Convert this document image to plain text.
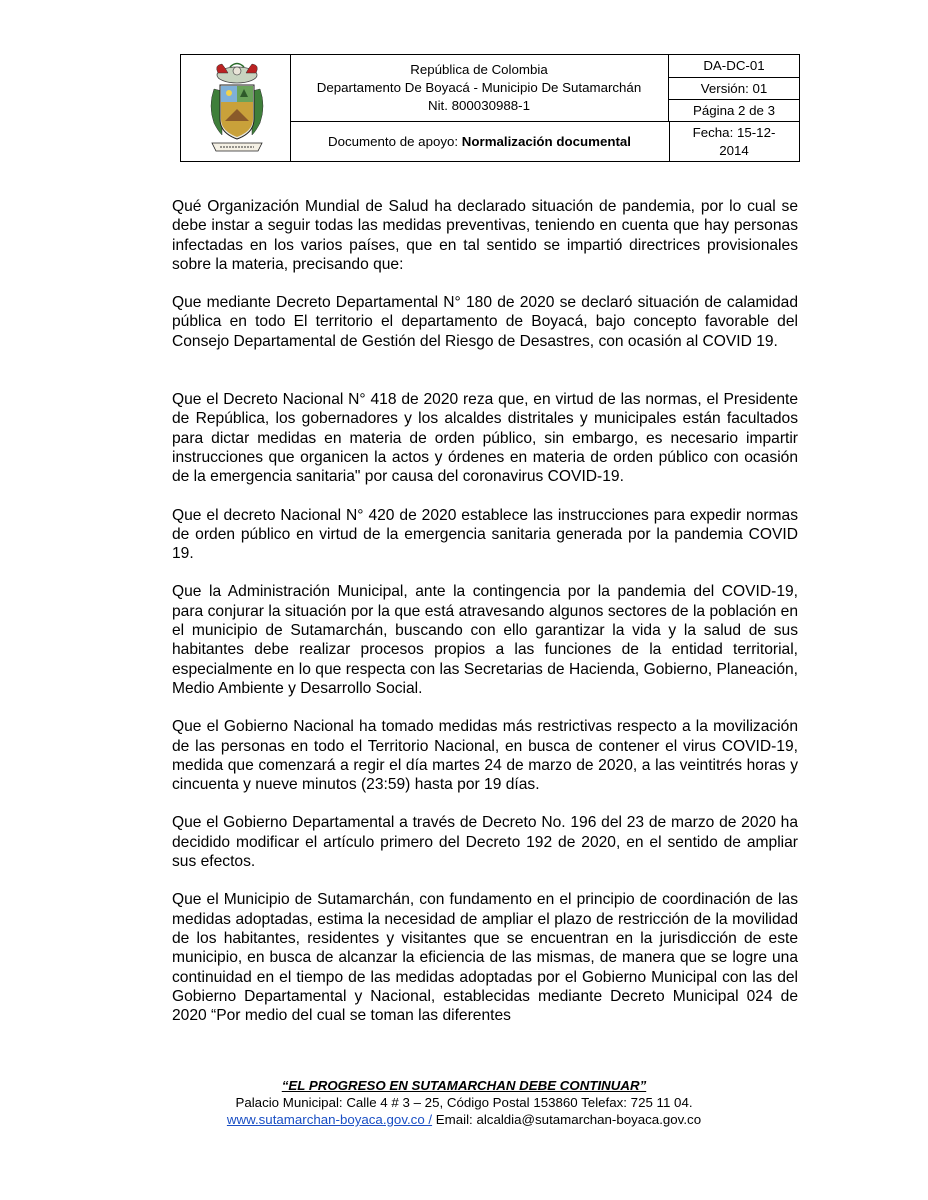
República de Colombia
Departamento De Boyacá - Municipio De Sutamarchán
Nit. 800030988-1
Documento de apoyo: Normalización documental
DA-DC-01
Versión: 01
Página 2 de 3
Fecha: 15-12-2014

Qué Organización Mundial de Salud ha declarado situación de pandemia, por lo cual se debe instar a seguir todas las medidas preventivas, teniendo en cuenta que hay personas infectadas en los varios países, que en tal sentido se impartió directrices provisionales sobre la materia, precisando que:

Que mediante Decreto Departamental N° 180 de 2020 se declaró situación de calamidad pública en todo El territorio el departamento de Boyacá, bajo concepto favorable del Consejo Departamental de Gestión del Riesgo de Desastres, con ocasión al COVID 19.

Que el Decreto Nacional N° 418 de 2020 reza que, en virtud de las normas, el Presidente de República, los gobernadores y los alcaldes distritales y municipales están facultados para dictar medidas en materia de orden público, sin embargo, es necesario impartir instrucciones que organicen la actos y órdenes en materia de orden público con ocasión de la emergencia sanitaria" por causa del coronavirus COVID-19.

Que el decreto Nacional N° 420 de 2020 establece las instrucciones para expedir normas de orden público en virtud de la emergencia sanitaria generada por la pandemia COVID 19.

Que la Administración Municipal, ante la contingencia por la pandemia del COVID-19, para conjurar la situación por la que está atravesando algunos sectores de la población en el municipio de Sutamarchán, buscando con ello garantizar la vida y la salud de sus habitantes debe realizar procesos propios a las funciones de la entidad territorial, especialmente en lo que respecta con las Secretarias de Hacienda, Gobierno, Planeación, Medio Ambiente y Desarrollo Social.

Que el Gobierno Nacional ha tomado medidas más restrictivas respecto a la movilización de las personas en todo el Territorio Nacional, en busca de contener el virus COVID-19, medida que comenzará a regir el día martes 24 de marzo de 2020, a las veintitrés horas y cincuenta y nueve minutos (23:59) hasta por 19 días.

Que el Gobierno Departamental a través de Decreto No. 196 del 23 de marzo de 2020 ha decidido modificar el artículo primero del Decreto 192 de 2020, en el sentido de ampliar sus efectos.

Que el Municipio de Sutamarchán, con fundamento en el principio de coordinación de las medidas adoptadas, estima la necesidad de ampliar el plazo de restricción de la movilidad de los habitantes, residentes y visitantes que se encuentran en la jurisdicción de este municipio, en busca de alcanzar la eficiencia de las mismas, de manera que se logre una continuidad en el tiempo de las medidas adoptadas por el Gobierno Municipal con las del Gobierno Departamental y Nacional, establecidas mediante Decreto Municipal 024 de 2020 “Por medio del cual se toman las diferentes

“EL PROGRESO EN SUTAMARCHAN DEBE CONTINUAR”
Palacio Municipal: Calle 4 # 3 – 25, Código Postal 153860 Telefax: 725 11 04.
www.sutamarchan-boyaca.gov.co / Email: alcaldia@sutamarchan-boyaca.gov.co
